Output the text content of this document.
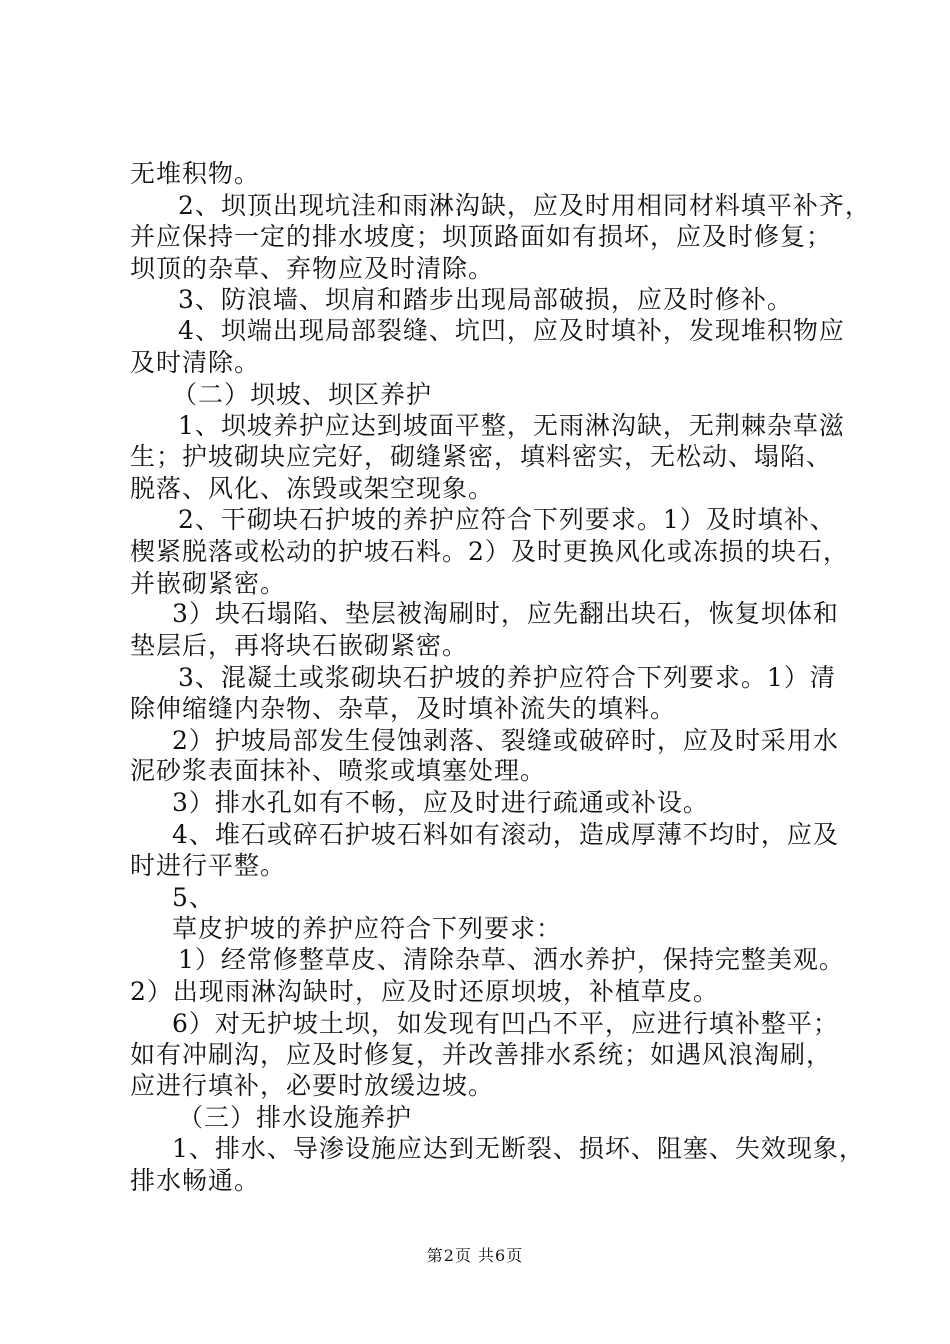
无堆积物。
2、坝顶出现坑洼和雨淋沟缺，应及时用相同材料填平补齐，
并应保持一定的排水坡度；坝顶路面如有损坏，应及时修复；
坝顶的杂草、弃物应及时清除。
3、防浪墙、坝肩和踏步出现局部破损，应及时修补。
4、坝端出现局部裂缝、坑凹，应及时填补，发现堆积物应
及时清除。
（二）坝坡、坝区养护
1、坝坡养护应达到坡面平整，无雨淋沟缺，无荆棘杂草滋
生；护坡砌块应完好，砌缝紧密，填料密实，无松动、塌陷、
脱落、风化、冻毁或架空现象。
2、干砌块石护坡的养护应符合下列要求。1）及时填补、
楔紧脱落或松动的护坡石料。2）及时更换风化或冻损的块石，
并嵌砌紧密。
3）块石塌陷、垫层被淘刷时，应先翻出块石，恢复坝体和
垫层后，再将块石嵌砌紧密。
3、混凝土或浆砌块石护坡的养护应符合下列要求。1）清
除伸缩缝内杂物、杂草，及时填补流失的填料。
2）护坡局部发生侵蚀剥落、裂缝或破碎时，应及时采用水
泥砂浆表面抹补、喷浆或填塞处理。
3）排水孔如有不畅，应及时进行疏通或补设。
4、堆石或碎石护坡石料如有滚动，造成厚薄不均时，应及
时进行平整。
5、
草皮护坡的养护应符合下列要求：
1）经常修整草皮、清除杂草、洒水养护，保持完整美观。
2）出现雨淋沟缺时，应及时还原坝坡，补植草皮。
6）对无护坡土坝，如发现有凹凸不平，应进行填补整平；
如有冲刷沟，应及时修复，并改善排水系统；如遇风浪淘刷，
应进行填补，必要时放缓边坡。
（三）排水设施养护
1、排水、导渗设施应达到无断裂、损坏、阻塞、失效现象，
排水畅通。
第2页 共6页
